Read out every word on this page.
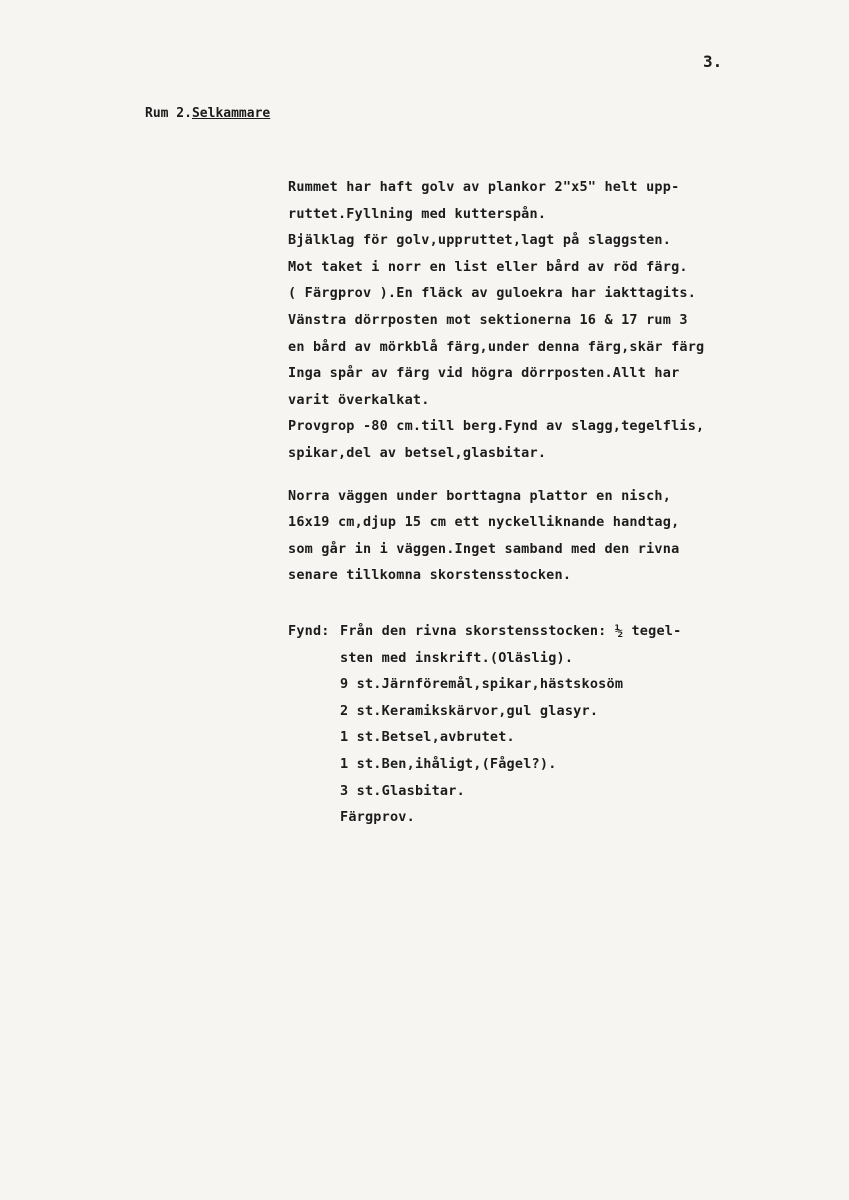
3.
Rum 2.Selkammare
Rummet har haft golv av plankor 2"x5" helt upp-
ruttet.Fyllning med kutterspån.
Bjälklag för golv,uppruttet,lagt på slaggsten.
Mot taket i norr en list eller bård av röd färg.
( Färgprov ).En fläck av guloekra har iakttagits.
Vänstra dörrposten mot sektionerna 16 & 17 rum 3
en bård av mörkblå färg,under denna färg,skär färg
Inga spår av färg vid högra dörrposten.Allt har
varit överkalkat.
Provgrop -80 cm.till berg.Fynd av slagg,tegelflis,
spikar,del av betsel,glasbitar.
Norra väggen under borttagna plattor en nisch,
16x19 cm,djup 15 cm ett nyckelliknande handtag,
som går in i väggen.Inget samband med den rivna
senare tillkomna skorstensstocken.
Fynd: Från den rivna skorstensstocken: ½ tegel-
sten med inskrift.(Oläslig).
9 st.Järnföremål,spikar,hästskosöm
2 st.Keramikskärvor,gul glasyr.
1 st.Betsel,avbrutet.
1 st.Ben,ihåligt,(Fågel?).
3 st.Glasbitar.
Färgprov.
